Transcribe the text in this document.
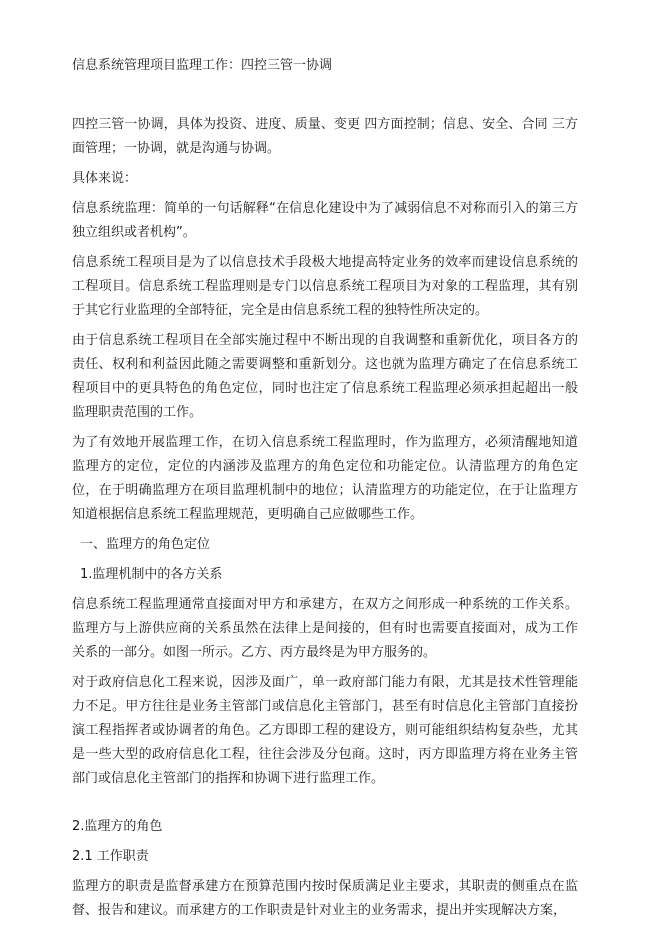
信息系统管理项目监理工作：四控三管一协调

四控三管一协调，具体为投资、进度、质量、变更 四方面控制；信息、安全、合同 三方面管理；一协调，就是沟通与协调。

具体来说：

信息系统监理：简单的一句话解释“在信息化建设中为了减弱信息不对称而引入的第三方独立组织或者机构”。

信息系统工程项目是为了以信息技术手段极大地提高特定业务的效率而建设信息系统的工程项目。信息系统工程监理则是专门以信息系统工程项目为对象的工程监理，其有别于其它行业监理的全部特征，完全是由信息系统工程的独特性所决定的。

由于信息系统工程项目在全部实施过程中不断出现的自我调整和重新优化，项目各方的责任、权利和利益因此随之需要调整和重新划分。这也就为监理方确定了在信息系统工程项目中的更具特色的角色定位，同时也注定了信息系统工程监理必须承担起超出一般监理职责范围的工作。

为了有效地开展监理工作，在切入信息系统工程监理时，作为监理方，必须清醒地知道监理方的定位，定位的内涵涉及监理方的角色定位和功能定位。认清监理方的角色定位，在于明确监理方在项目监理机制中的地位；认清监理方的功能定位，在于让监理方知道根据信息系统工程监理规范，更明确自己应做哪些工作。

一、监理方的角色定位

1.监理机制中的各方关系

信息系统工程监理通常直接面对甲方和承建方，在双方之间形成一种系统的工作关系。监理方与上游供应商的关系虽然在法律上是间接的，但有时也需要直接面对，成为工作关系的一部分。如图一所示。乙方、丙方最终是为甲方服务的。

对于政府信息化工程来说，因涉及面广，单一政府部门能力有限，尤其是技术性管理能力不足。甲方往往是业务主管部门或信息化主管部门，甚至有时信息化主管部门直接扮演工程指挥者或协调者的角色。乙方即即工程的建设方，则可能组织结构复杂些，尤其是一些大型的政府信息化工程，往往会涉及分包商。这时，丙方即监理方将在业务主管部门或信息化主管部门的指挥和协调下进行监理工作。

2.监理方的角色

2.1 工作职责

监理方的职责是监督承建方在预算范围内按时保质满足业主要求，其职责的侧重点在监督、报告和建议。而承建方的工作职责是针对业主的业务需求，提出并实现解决方案，
